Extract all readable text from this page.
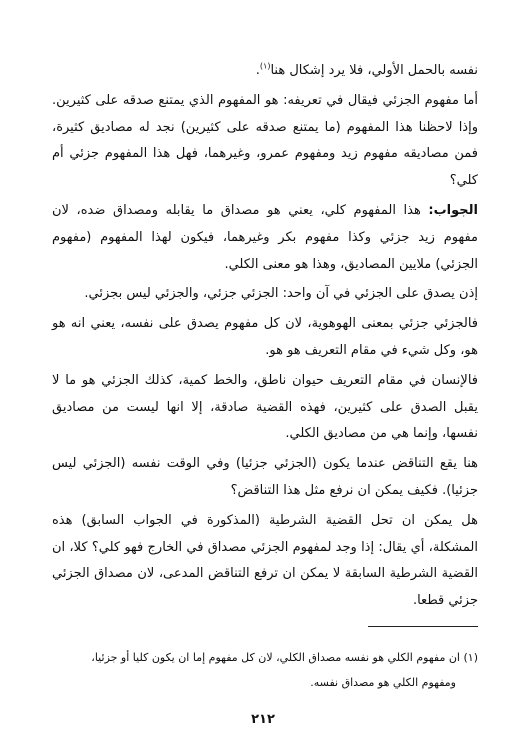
نفسه بالحمل الأولي، فلا يرد إشكال هنا$^{(١)}$.

أما مفهوم الجزئي فيقال في تعريفه: هو المفهوم الذي يمتنع صدقه على كثيرين. وإذا لاحظنا هذا المفهوم (ما يمتنع صدقه على كثيرين) نجد له مصاديق كثيرة، فمن مصاديقه مفهوم زيد ومفهوم عمرو، وغيرهما، فهل هذا المفهوم جزئي أم كلي؟

الجواب: هذا المفهوم كلي، يعني هو مصداق ما يقابله ومصداق ضده، لان مفهوم زيد جزئي وكذا مفهوم بكر وغيرهما، فيكون لهذا المفهوم (مفهوم الجزئي) ملايين المصاديق، وهذا هو معنى الكلي.

إذن يصدق على الجزئي في آن واحد: الجزئي جزئي، والجزئي ليس بجزئي.

فالجزئي جزئي بمعنى الهوهوية، لان كل مفهوم يصدق على نفسه، يعني انه هو هو، وكل شيء في مقام التعريف هو هو.

فالإنسان في مقام التعريف حيوان ناطق، والخط كمية، كذلك الجزئي هو ما لا يقبل الصدق على كثيرين، فهذه القضية صادقة، إلا انها ليست من مصاديق نفسها، وإنما هي من مصاديق الكلي.

هنا يقع التناقض عندما يكون (الجزئي جزئيا) وفي الوقت نفسه (الجزئي ليس جزئيا). فكيف يمكن ان نرفع مثل هذا التناقض؟

هل يمكن ان تحل القضية الشرطية (المذكورة في الجواب السابق) هذه المشكلة، أي يقال: إذا وجد لمفهوم الجزئي مصداق في الخارج فهو كلي؟ كلا، ان القضية الشرطية السابقة لا يمكن ان ترفع التناقض المدعى، لان مصداق الجزئي جزئي قطعا.

(١) ان مفهوم الكلي هو نفسه مصداق الكلي، لان كل مفهوم إما ان يكون كليا أو جزئيا،

ومفهوم الكلي هو مصداق نفسه.

٢١٢
